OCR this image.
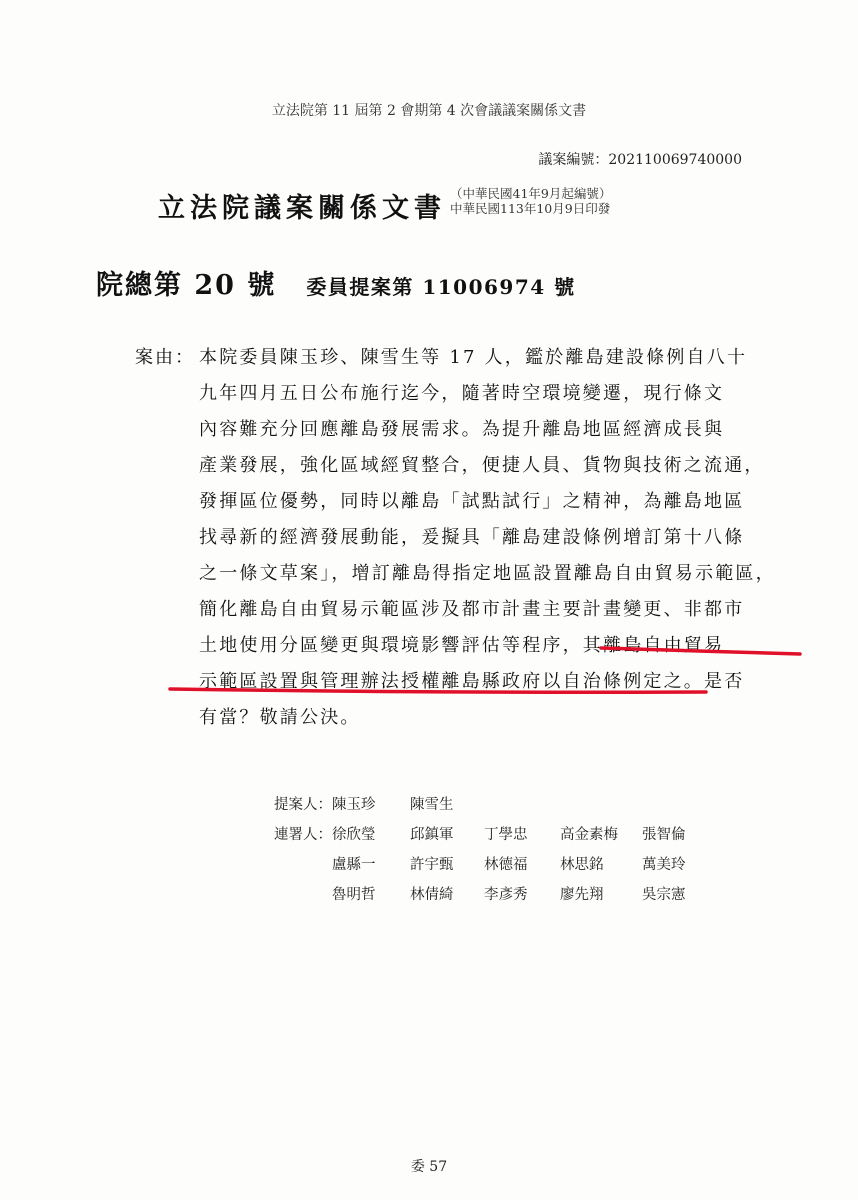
立法院第 11 屆第 2 會期第 4 次會議議案關係文書
議案編號：202110069740000
立法院議案關係文書 （中華民國41年9月起編號）
中華民國113年10月9日印發
院總第 20 號 委員提案第 11006974 號
案由： 本院委員陳玉珍、陳雪生等 17 人，鑑於離島建設條例自八十
九年四月五日公布施行迄今，隨著時空環境變遷，現行條文
內容難充分回應離島發展需求。為提升離島地區經濟成長與
產業發展，強化區域經貿整合，便捷人員、貨物與技術之流通，
發揮區位優勢，同時以離島「試點試行」之精神，為離島地區
找尋新的經濟發展動能，爰擬具「離島建設條例增訂第十八條
之一條文草案」，增訂離島得指定地區設置離島自由貿易示範區，
簡化離島自由貿易示範區涉及都市計畫主要計畫變更、非都市
土地使用分區變更與環境影響評估等程序，其離島自由貿易
示範區設置與管理辦法授權離島縣政府以自治條例定之。是否
有當？敬請公決。
提案人： 陳玉珍	陳雪生
連署人： 徐欣瑩	邱鎮軍	丁學忠	高金素梅	張智倫
盧縣一	許宇甄	林德福	林思銘	萬美玲
魯明哲	林倩綺	李彥秀	廖先翔	吳宗憲
委 57
